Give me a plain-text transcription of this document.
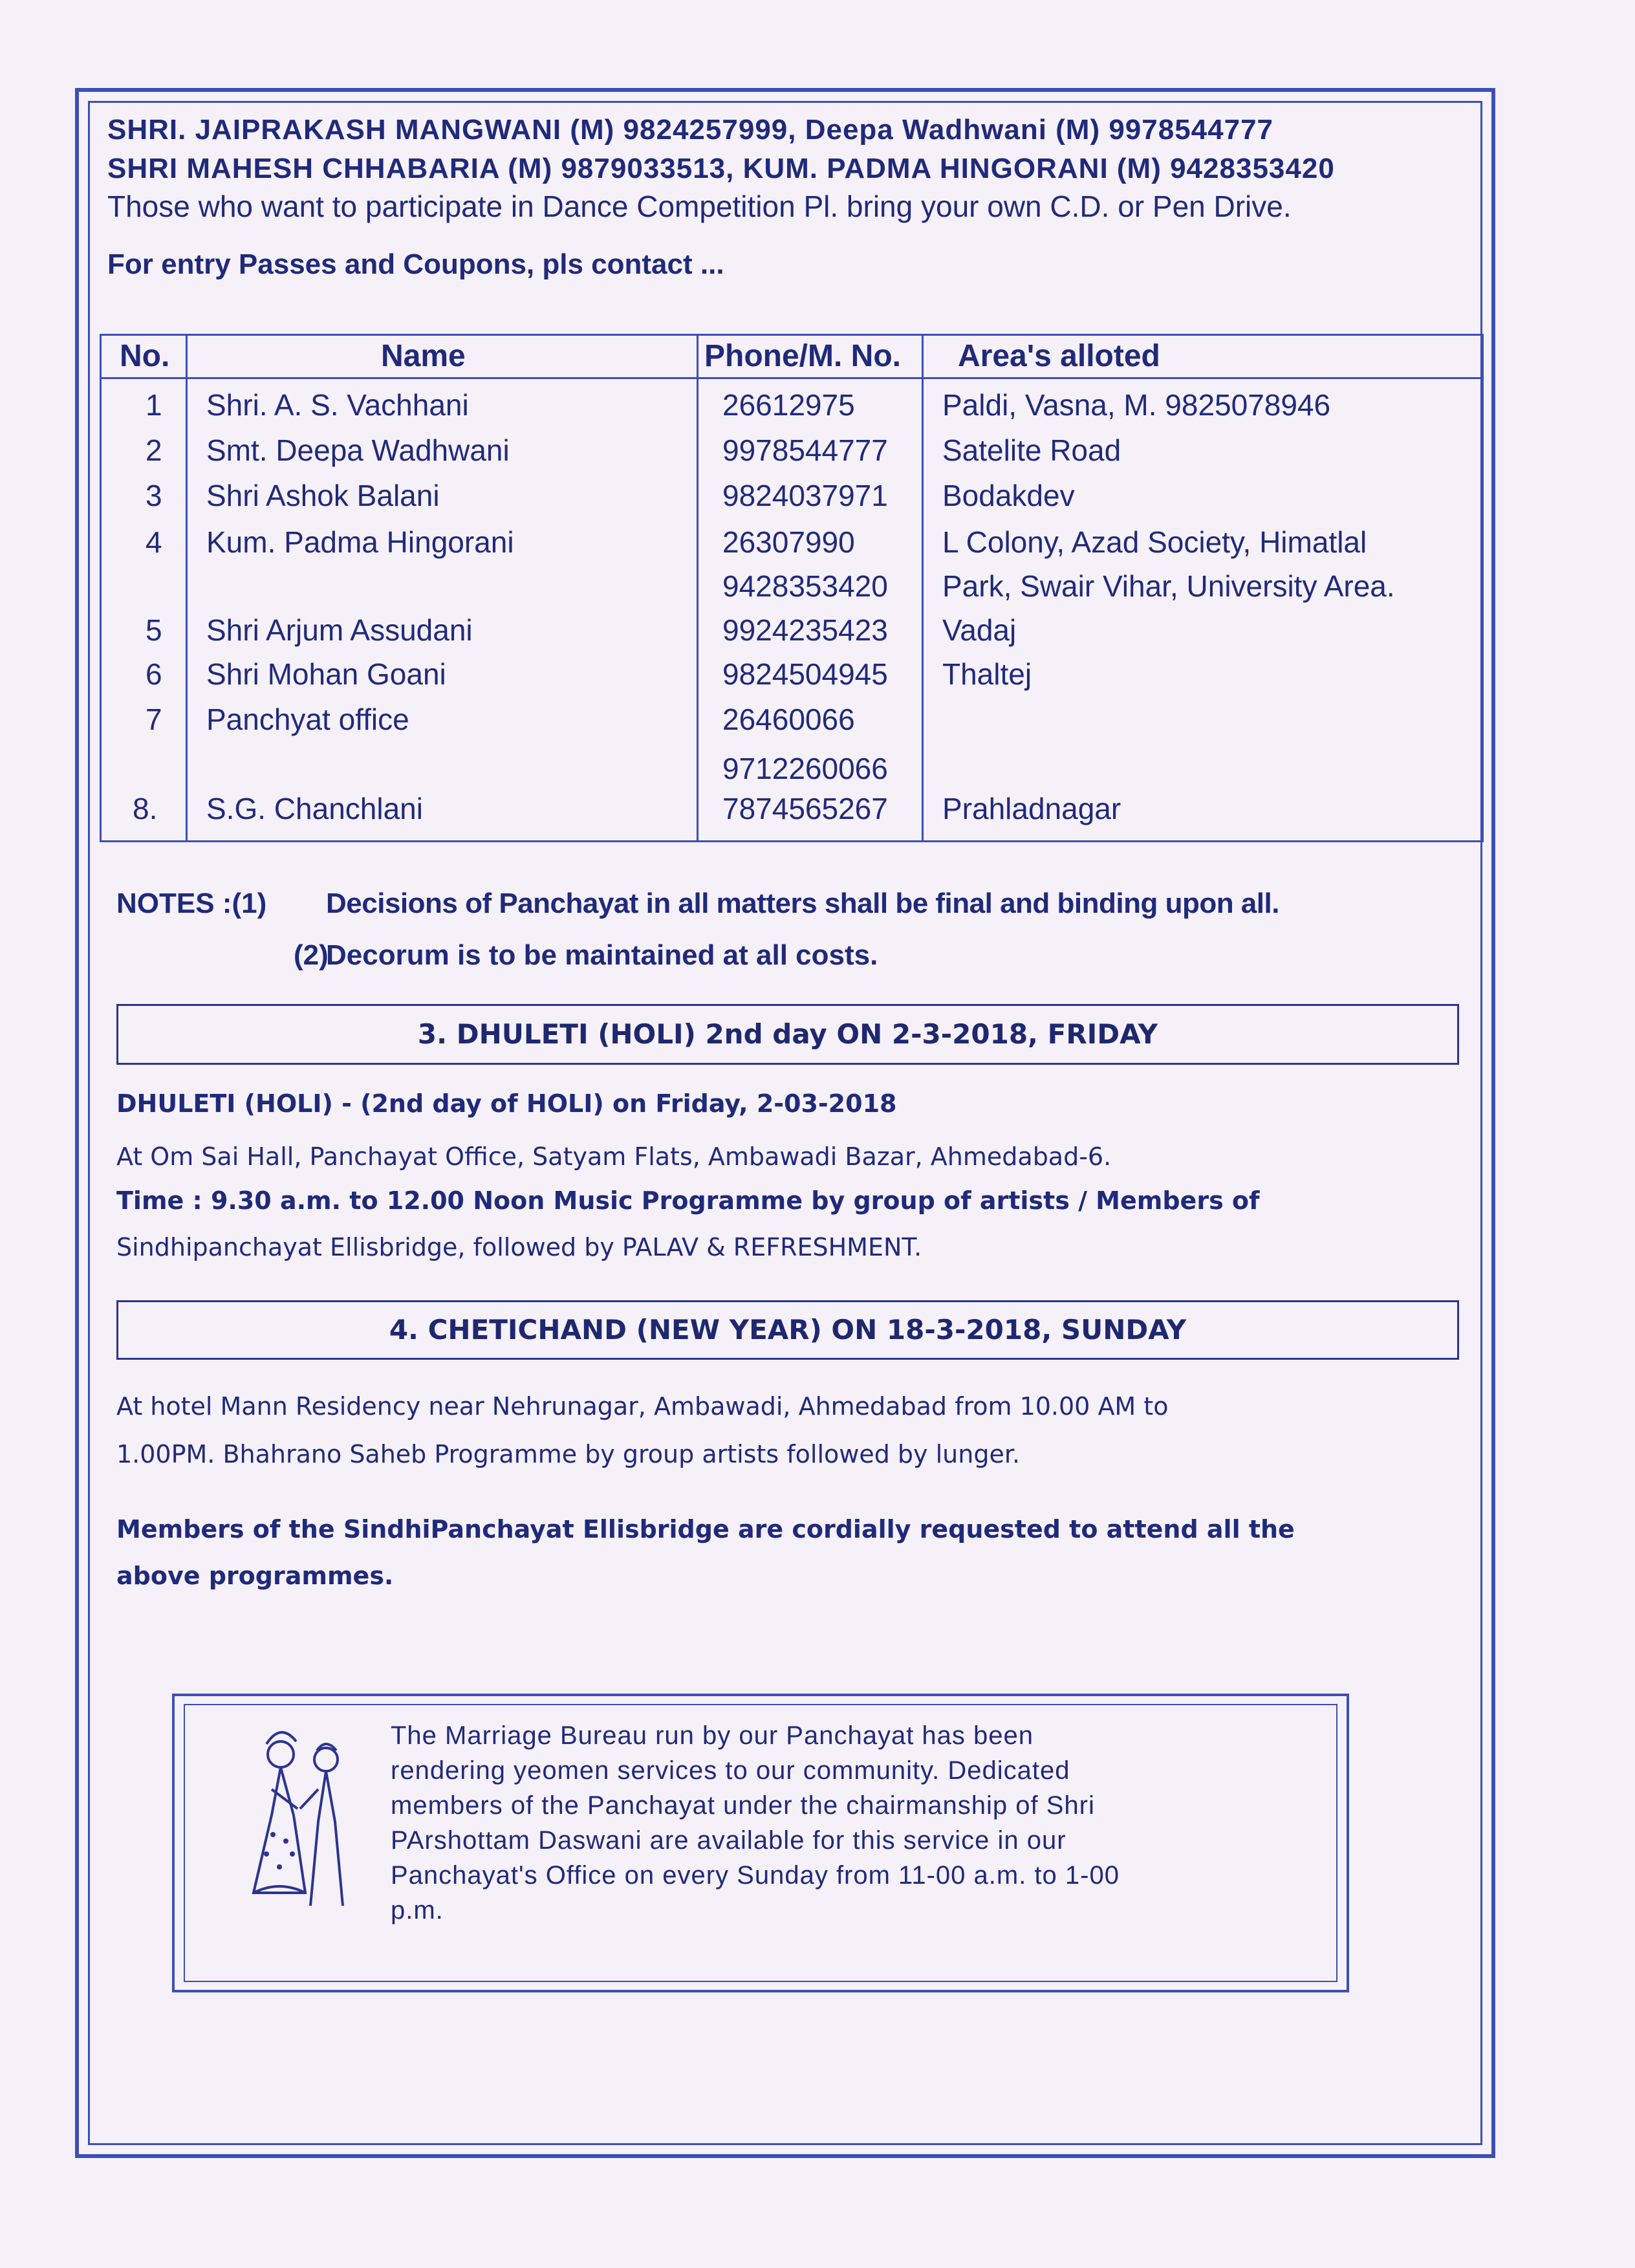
SHRI. JAIPRAKASH MANGWANI (M) 9824257999, Deepa Wadhwani (M) 9978544777
SHRI MAHESH CHHABARIA (M) 9879033513, KUM. PADMA HINGORANI (M) 9428353420
Those who want to participate in Dance Competition Pl. bring your own C.D. or Pen Drive.
For entry Passes and Coupons, pls contact ...
No.	Name	Phone/M. No. Area's alloted
1 Shri. A. S. Vachhani	26612975	Paldi, Vasna, M. 9825078946
2 Smt. Deepa Wadhwani	9978544777 Satelite Road
3 Shri Ashok Balani	9824037971 Bodakdev
4 Kum. Padma Hingorani	26307990
9428353420
L Colony, Azad Society, Himatlal
Park, Swair Vihar, University Area.
5 Shri Arjum Assudani	9924235423 Vadaj
6 Shri Mohan Goani	9824504945 Thaltej
7 Panchyat office	26460066
9712260066
8. S.G. Chanchlani	7874565267 Prahladnagar
NOTES :(1) Decisions of Panchayat in all matters shall be final and binding upon all.
(2)
Decorum is to be maintained at all costs.
3. DHULETI (HOLI) 2nd day ON 2-3-2018, FRIDAY
DHULETI (HOLI) - (2nd day of HOLI) on Friday, 2-03-2018
At Om Sai Hall, Panchayat Office, Satyam Flats, Ambawadi Bazar, Ahmedabad-6.
Time : 9.30 a.m. to 12.00 Noon Music Programme by group of artists / Members of
Sindhipanchayat Ellisbridge, followed by PALAV & REFRESHMENT.
4. CHETICHAND (NEW YEAR) ON 18-3-2018, SUNDAY
At hotel Mann Residency near Nehrunagar, Ambawadi, Ahmedabad from 10.00 AM to
1.00PM. Bhahrano Saheb Programme by group artists followed by lunger.
Members of the SindhiPanchayat Ellisbridge are cordially requested to attend all the
above programmes.
The Marriage Bureau run by our Panchayat has been
rendering yeomen services to our community. Dedicated
members of the Panchayat under the chairmanship of Shri
PArshottam Daswani are available for this service in our
Panchayat's Office on every Sunday from 11-00 a.m. to 1-00
p.m.
